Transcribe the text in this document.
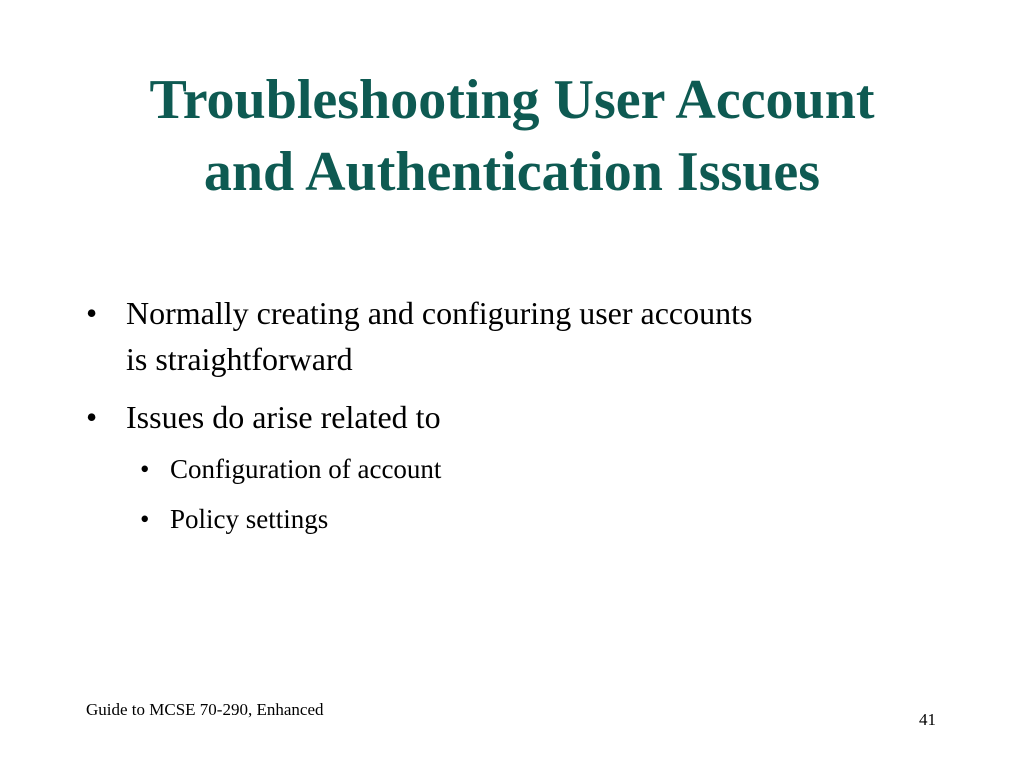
Troubleshooting User Account
and Authentication Issues
• Normally creating and configuring user accounts
is straightforward
• Issues do arise related to
• Configuration of account
• Policy settings
Guide to MCSE 70-290, Enhanced
41
